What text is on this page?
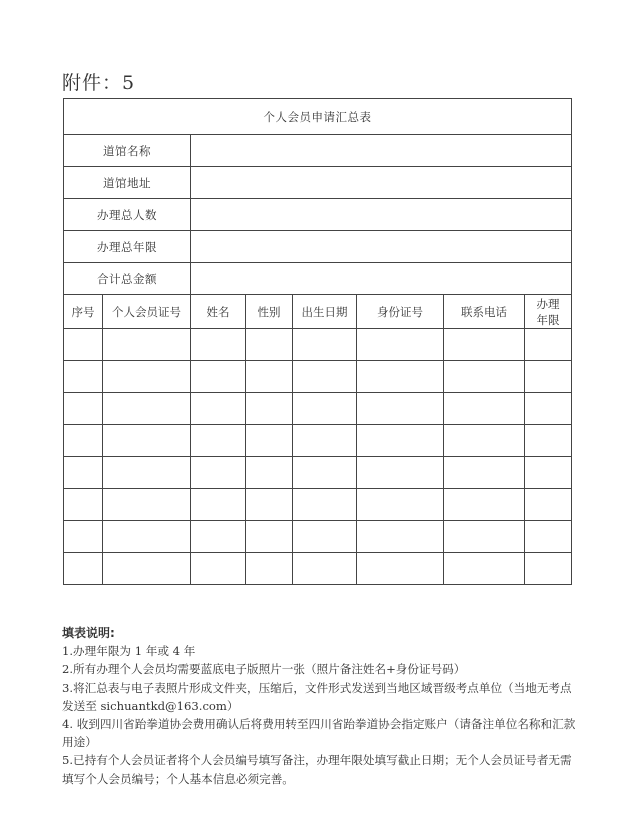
附件：5
个人会员申请汇总表							
道馆名称							
道馆地址							
办理总人数							
办理总年限							
合计总金额							
序号	个人会员证号	姓名	性别	出生日期	身份证号	联系电话	办理年限

填表说明:

1.办理年限为 1 年或 4 年

2.所有办理个人会员均需要蓝底电子版照片一张（照片备注姓名+身份证号码）

3.将汇总表与电子表照片形成文件夹，压缩后，文件形式发送到当地区域晋级考点单位（当地无考点发送至 sichuantkd@163.com）

4. 收到四川省跆拳道协会费用确认后将费用转至四川省跆拳道协会指定账户（请备注单位名称和汇款用途）

5.已持有个人会员证者将个人会员编号填写备注，办理年限处填写截止日期；无个人会员证号者无需填写个人会员编号；个人基本信息必须完善。
